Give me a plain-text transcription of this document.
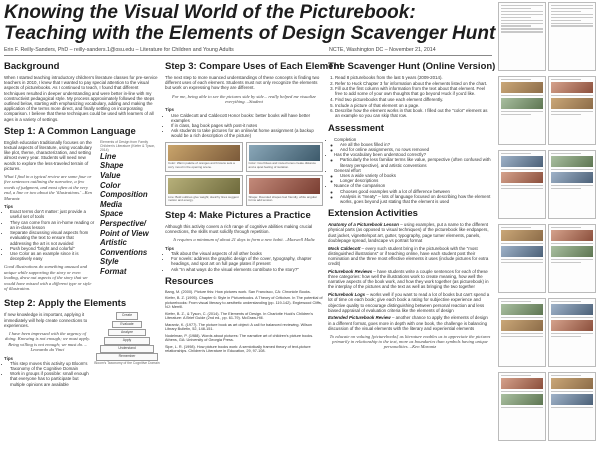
Knowing the Visual World of the Picturebook:
Teaching with the Elements of Design Scavenger Hunt
Erin F. Reilly-Sanders, PhD – reilly-sanders.1@osu.edu – Literature for Children and Young Adults	NCTE, Washington DC – November 21, 2014
Background
When I started teaching introductory children's literature classes for pre-service teachers in 2010, I knew that I wanted to pay special attention to the visual aspects of picturebooks. As I continued to teach, I found that different techniques resulted in deeper understanding and were better in-line with my constructivist pedagogical style. My process approximately followed the steps outlined below, starting with emphasizing vocabulary, adding and making the application of the terms more direct, and finally settling on incorporating comparison. I believe that these techniques could be used with learners of all ages in a variety of settings.
Step 1: A Common Language
English education traditionally focuses on the textual aspects of literature, using vocabulary like plot, theme, characterization, and setting almost every year. Students will need new words to explore the less-traveled terrain of pictures.
What I find in a typical review are some four or five sentences outlining the narrative, a few words of judgment, and most often at the very end, a line or two about the 'illustrations.' –Ken Marantz
Tips
• Exact terms don't matter: just provide a useful set of tools
• They can come from an in-home reading or an in-class lesson
• Separate discussing visual aspects from evaluating the text to ensure that addressing the art is not avoided
• Push beyond "bright and colorful"
• Use Color as an example since it is deceptively easy
Good illustrations do something unusual and unique while supporting the story or even leading, draw out aspects of the story that we would have missed with a different type or style of illustration.
Elements of Design from Family Children's Literature (Kiefer & Tyson, 2014)
Line
Shape
Value
Color
Composition
Media
Space
Perspective/ Point of View
Artistic Conventions
Style
Format
Step 2: Apply the Elements
If new knowledge is important, applying it immediately will help create connections to experiences.
I have been impressed with the urgency of doing. Knowing is not enough; we must apply. Being willing is not enough; we must do. –Leonardo da Vinci
Tips
• This step moves this activity up Bloom's Taxonomy of the Cognitive Domain
• Work in groups if possible: small enough that everyone has to participate but multiple opinions are available
Create
Evaluate
Analyze
Apply
Understand
Remember
Bloom's Taxonomy of the Cognitive Domain
Step 3: Compare Uses of Each Element
The next step to more nuanced understandings of these concepts is finding two different uses of each element. Students must not only recognize the elements but work on expressing how they are different.
For me, being able to see the pictures side by side... really helped me visualize everything. –Student
Tips
• Use Caldecott and Caldecott Honor books: better books will have better examples
• If in class, bag book pages with post-it notes
• Ask students to take pictures for an online/at home assignment (a backup would be a rich description of the picture)
Color: Warm palette of oranges and browns sets a cozy mood in the opening scene.
Color: Cool blues and muted tones create distance and a quiet feeling of isolation.
Line: Bold outlines give weight; sketchy lines suggest motion and energy.
Shape: Rounded shapes feel friendly, while angular forms add tension.
Step 4: Make Pictures a Practice
Although this activity covers a rich range of cognitive abilities making crucial connections, the skills must solidify through repetition.
It requires a minimum of about 21 days to form a new habit. –Maxwell Maltz
Tips
• Talk about the visual aspects of all other books
• For novels: address the graphic design of the cover, typography, chapter headings, and spot art on full page plates if present
• Ask "In what ways do the visual elements contribute to the story?"
Resources

Bang, M. (2000). Picture this: How pictures work. San Francisco, CA: Chronicle Books.

Kiefer, B. Z. (1995). Chapter 6: Style in Picturebooks. A Theory of Criticism. In The potential of picturebooks: From visual literacy to aesthetic understanding (pp. 119-142). Englewood Cliffs, NJ: Merrill.

Kiefer, B. Z., & Tyson, C. (2014). The Elements of Design. In Charlotte Huck's Children's Literature: A Brief Guide (2nd ed., pp. 61-79). McGraw-Hill.

Marantz, K. (1977). The picture book as art object: A call for balanced reviewing. Wilson Library Bulletin, 52, 148-151.

Nodelman, P. (1988). Words about pictures: The narrative art of children's picture books. Athens, GA: University of Georgia Press.

Sipe, L. R. (1998). How picture books work: A semiotically framed theory of text-picture relationships. Children's Literature in Education, 29, 97-108.

The Scavenger Hunt (Online Version)
1. Read 8 picturebooks from the last 5 years (2009-2014).
2. Refer to Huck Chapter 3 for information about the elements listed on the chart.
3. Fill out the first column with information from the text about that element. Feel free to add some of your own thoughts that go beyond Huck if you'd like.
4. Find two picturebooks that use each element differently.
5. Include a picture of that element on a page.
6. Describe how the element works in that book. I filled out the "color" element as an example so you can skip that row.
Assessment
• Completion
◦ Are all the boxes filled in?
◦ And for online assignments, no rows removed
• Has the vocabulary been understood correctly?
◦ Particularly the less familiar terms like value, perspective (often confused with literary perspective), and artistic conventions
• General effort
◦ Uses a wide variety of books
◦ Longer descriptions
• Nuance of the comparison
◦ Chooses good examples with a lot of difference between
◦ Analysis is "meaty" – lots of language focused on describing how the element works, goes beyond just stating that the element is used
Extension Activities

Anatomy of a Picturebook Lesson – using examples, put a name to the different physical parts (as opposed to visual techniques) of the picturebook like endpapers, dust jacket, vignette/spot art, gutter, typography, page turner elements, panels, doublepage spread, landscape vs portrait format

Mock Caldecott – every such student bring in the picturebook with the "most distinguished illustrations" or if teaching online, have each student post their nomination and the three most effective elements it uses (include pictures for extra credit)

Picturebook Reviews – have students write a couple sentences for each of these three categories: how well the illustrations work to create meaning, how well the narrative aspects of the book work, and how they work together (as picturebook) in the interplay of the pictures and the text as well as bringing the two together

Picturebook Logs – works well if you want to read a lot of books but can't spend a lot of time on each book; give each book a rating for subjective experience and objective quality to encourage distinguishing between personal reaction and less biased appraisal of evaluation criteria like the elements of design

Extended Picturebook Review – another chance to apply the elements of design in a different format, goes more in depth with one book, the challenge is balancing discussion of the visual elements with the literary and experiential elements

To educate on valuing [picturebooks] as literature enables us to appreciate the pictures primarily in relationship to the text, more as boundaries than symbols having unique personalities. –Ken Marantz
